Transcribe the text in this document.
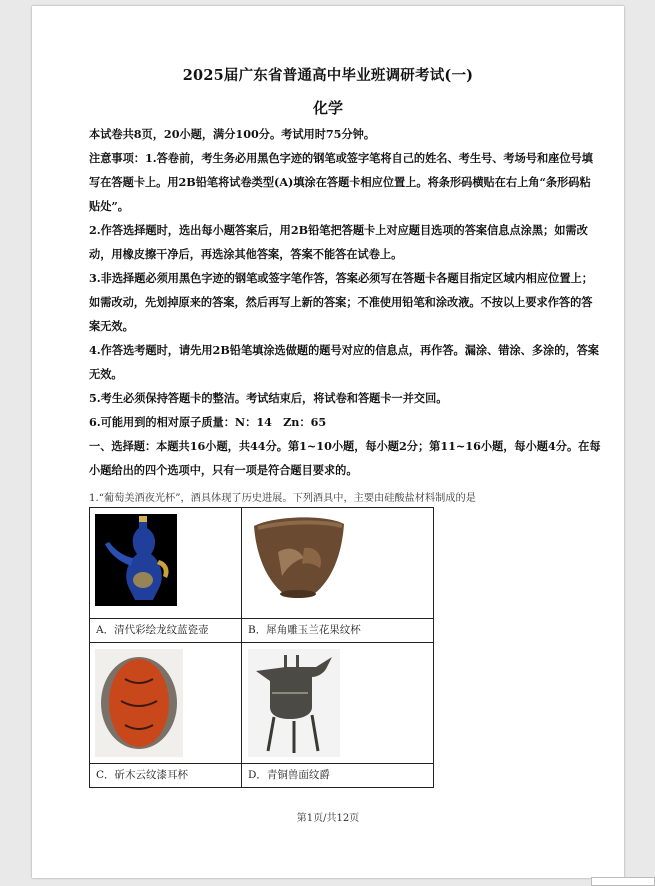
2025届广东省普通高中毕业班调研考试(一)
化学

本试卷共8页，20小题，满分100分。考试用时75分钟。

注意事项：1.答卷前，考生务必用黑色字迹的钢笔或签字笔将自己的姓名、考生号、考场号和座位号填写在答题卡上。用2B铅笔将试卷类型(A)填涂在答题卡相应位置上。将条形码横贴在右上角“条形码粘贴处”。

2.作答选择题时，选出每小题答案后，用2B铅笔把答题卡上对应题目选项的答案信息点涂黑；如需改动，用橡皮擦干净后，再选涂其他答案，答案不能答在试卷上。

3.非选择题必须用黑色字迹的钢笔或签字笔作答，答案必须写在答题卡各题目指定区域内相应位置上；如需改动，先划掉原来的答案，然后再写上新的答案；不准使用铅笔和涂改液。不按以上要求作答的答案无效。

4.作答选考题时，请先用2B铅笔填涂选做题的题号对应的信息点，再作答。漏涂、错涂、多涂的，答案无效。

5.考生必须保持答题卡的整洁。考试结束后，将试卷和答题卡一并交回。

6.可能用到的相对原子质量：N：14　Zn：65

一、选择题：本题共16小题，共44分。第1~10小题，每小题2分；第11~16小题，每小题4分。在每小题给出的四个选项中，只有一项是符合题目要求的。

1.“葡萄美酒夜光杯”，酒具体现了历史进展。下列酒具中，主要由硅酸盐材料制成的是
A．清代彩绘龙纹蓝瓷壶	B．犀角雕玉兰花果纹杯

C．斫木云纹漆耳杯	D．青铜兽面纹爵
第1页/共12页
